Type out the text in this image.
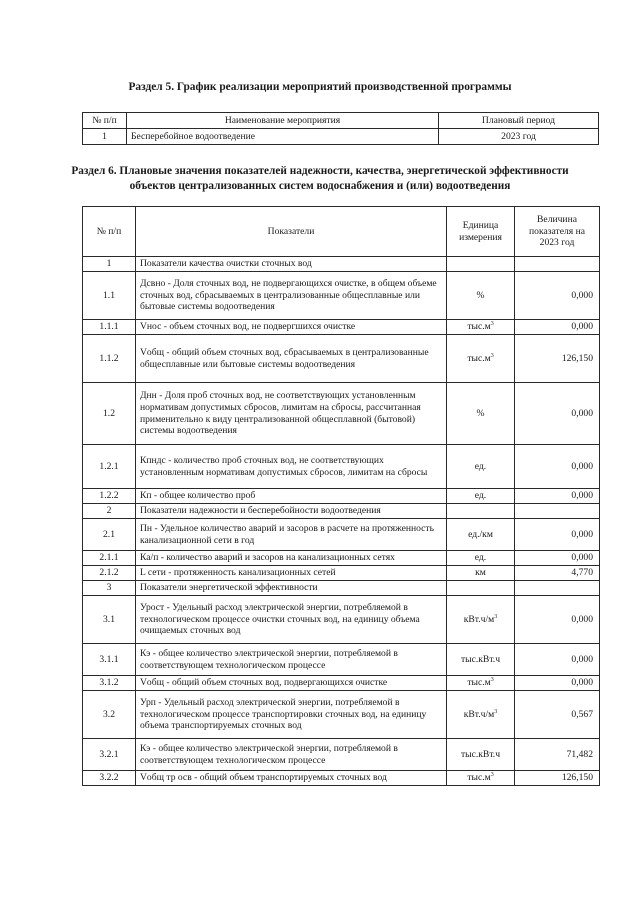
Раздел 5. График реализации мероприятий производственной программы
№ п/п	Наименование мероприятия	Плановый период
1	Бесперебойное водоотведение	2023 год
Раздел 6. Плановые значения показателей надежности, качества, энергетической эффективности объектов централизованных систем водоснабжения и (или) водоотведения
№ п/п	Показатели	Единица измерения	Величина показателя на 2023 год
1	Показатели качества очистки сточных вод		
1.1	Дсвно - Доля сточных вод, не подвергающихся очистке, в общем объеме сточных вод, сбрасываемых в централизованные общесплавные или бытовые системы водоотведения	%	0,000
1.1.1	Vнос - объем сточных вод, не подвергшихся очистке	$тыс.м^3$	0,000
1.1.2	Vобщ - общий объем сточных вод, сбрасываемых в централизованные общесплавные или бытовые системы водоотведения	$тыс.м^3$	126,150
1.2	Днн - Доля проб сточных вод, не соответствующих установленным нормативам допустимых сбросов, лимитам на сбросы, рассчитанная применительно к виду централизованной общесплавной (бытовой) системы водоотведения	%	0,000
1.2.1	Кпндс - количество проб сточных вод, не соответствующих установленным нормативам допустимых сбросов, лимитам на сбросы	ед.	0,000
1.2.2	Кп - общее количество проб	ед.	0,000
2	Показатели надежности и бесперебойности водоотведения		
2.1	Пн - Удельное количество аварий и засоров в расчете на протяженность канализационной сети в год	ед./км	0,000
2.1.1	Ка/п - количество аварий и засоров на канализационных сетях	ед.	0,000
2.1.2	L сети - протяженность канализационных сетей	км	4,770
3	Показатели энергетической эффективности		
3.1	Урост - Удельный расход электрической энергии, потребляемой в технологическом процессе очистки сточных вод, на единицу объема очищаемых сточных вод	$кВт.ч/м^3$	0,000
3.1.1	Кэ - общее количество электрической энергии, потребляемой в соответствующем технологическом процессе	тыс.кВт.ч	0,000
3.1.2	Vобщ - общий объем сточных вод, подвергающихся очистке	$тыс.м^3$	0,000
3.2	Урп - Удельный расход электрической энергии, потребляемой в технологическом процессе транспортировки сточных вод, на единицу объема транспортируемых сточных вод	$кВт.ч/м^3$	0,567
3.2.1	Кэ - общее количество электрической энергии, потребляемой в соответствующем технологическом процессе	тыс.кВт.ч	71,482
3.2.2	Vобщ тр осв - общий объем транспортируемых сточных вод	$тыс.м^3$	126,150
